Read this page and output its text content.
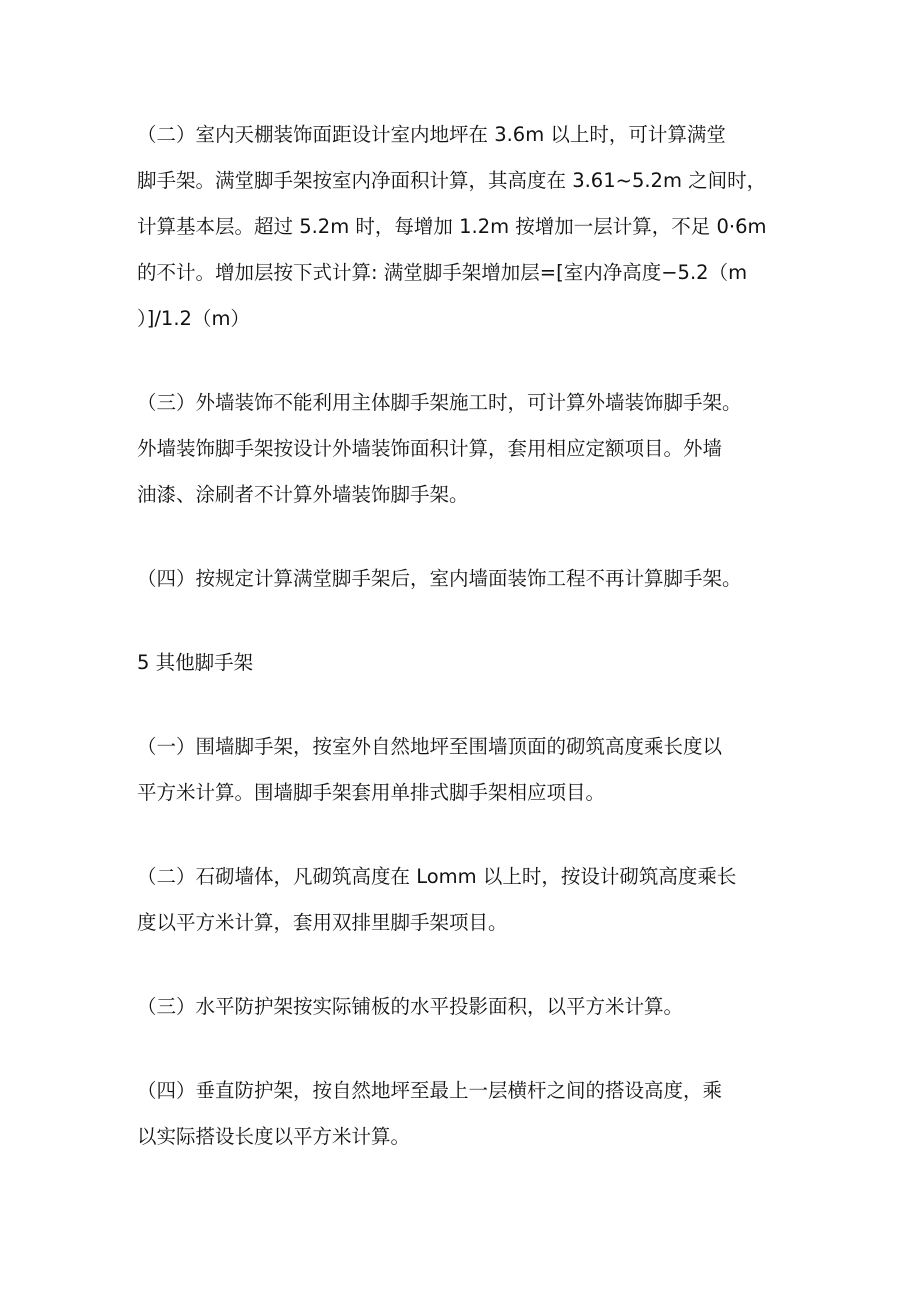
（二）室内天棚装饰面距设计室内地坪在 3.6m 以上时，可计算满堂
脚手架。满堂脚手架按室内净面积计算，其高度在 3.61~5.2m 之间时，
计算基本层。超过 5.2m 时，每增加 1.2m 按增加一层计算，不足 0·6m
的不计。增加层按下式计算: 满堂脚手架增加层=[室内净高度−5.2（m
）]/1.2（m）

（三）外墙装饰不能利用主体脚手架施工时，可计算外墙装饰脚手架。
外墙装饰脚手架按设计外墙装饰面积计算，套用相应定额项目。外墙
油漆、涂刷者不计算外墙装饰脚手架。

（四）按规定计算满堂脚手架后，室内墙面装饰工程不再计算脚手架。

5 其他脚手架

（一）围墙脚手架，按室外自然地坪至围墙顶面的砌筑高度乘长度以
平方米计算。围墙脚手架套用单排式脚手架相应项目。

（二）石砌墙体，凡砌筑高度在 Lomm 以上时，按设计砌筑高度乘长
度以平方米计算，套用双排里脚手架项目。

（三）水平防护架按实际铺板的水平投影面积，以平方米计算。

（四）垂直防护架，按自然地坪至最上一层横杆之间的搭设高度，乘
以实际搭设长度以平方米计算。
